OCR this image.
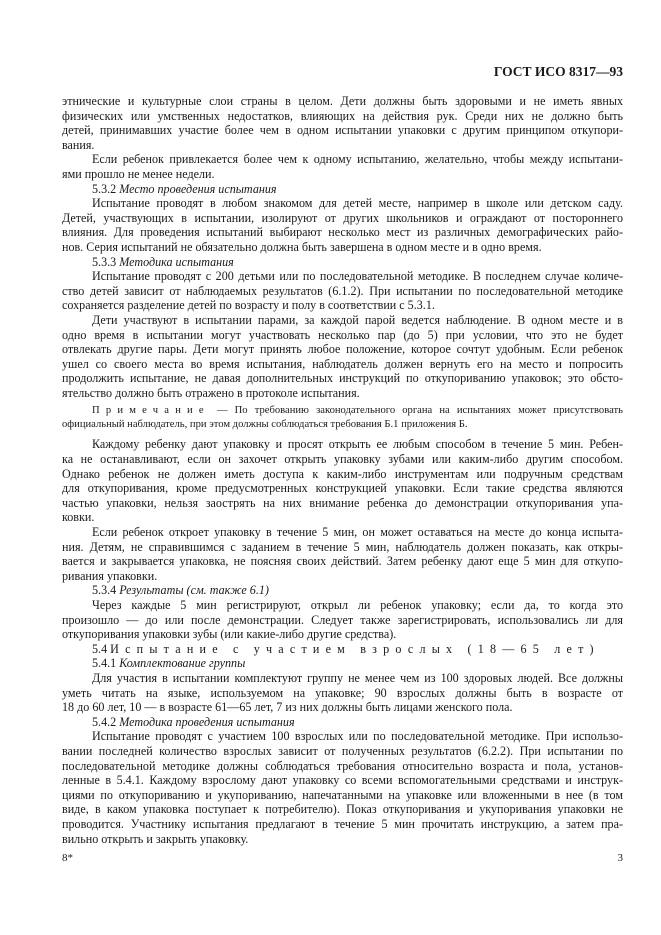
ГОСТ ИСО 8317—93
этнические и культурные слои страны в целом. Дети должны быть здоровыми и не иметь явных
физических или умственных недостатков, влияющих на действия рук. Среди них не должно быть
детей, принимавших участие более чем в одном испытании упаковки с другим принципом откупори-
вания.
Если ребенок привлекается более чем к одному испытанию, желательно, чтобы между испытани-
ями прошло не менее недели.
5.3.2 Место проведения испытания
Испытание проводят в любом знакомом для детей месте, например в школе или детском саду.
Детей, участвующих в испытании, изолируют от других школьников и ограждают от постороннего
влияния. Для проведения испытаний выбирают несколько мест из различных демографических райо-
нов. Серия испытаний не обязательно должна быть завершена в одном месте и в одно время.
5.3.3 Методика испытания
Испытание проводят с 200 детьми или по последовательной методике. В последнем случае количе-
ство детей зависит от наблюдаемых результатов (6.1.2). При испытании по последовательной методике
сохраняется разделение детей по возрасту и полу в соответствии с 5.3.1.
Дети участвуют в испытании парами, за каждой парой ведется наблюдение. В одном месте и в
одно время в испытании могут участвовать несколько пар (до 5) при условии, что это не будет
отвлекать другие пары. Дети могут принять любое положение, которое сочтут удобным. Если ребенок
ушел со своего места во время испытания, наблюдатель должен вернуть его на место и попросить
продолжить испытание, не давая дополнительных инструкций по откупориванию упаковок; это обсто-
ятельство должно быть отражено в протоколе испытания.
Примечание — По требованию законодательного органа на испытаниях может присутствовать
официальный наблюдатель, при этом должны соблюдаться требования Б.1 приложения Б.
Каждому ребенку дают упаковку и просят открыть ее любым способом в течение 5 мин. Ребен-
ка не останавливают, если он захочет открыть упаковку зубами или каким-либо другим способом.
Однако ребенок не должен иметь доступа к каким-либо инструментам или подручным средствам
для откупоривания, кроме предусмотренных конструкцией упаковки. Если такие средства являются
частью упаковки, нельзя заострять на них внимание ребенка до демонстрации откупоривания упа-
ковки.
Если ребенок откроет упаковку в течение 5 мин, он может оставаться на месте до конца испыта-
ния. Детям, не справившимся с заданием в течение 5 мин, наблюдатель должен показать, как откры-
вается и закрывается упаковка, не поясняя своих действий. Затем ребенку дают еще 5 мин для откупо-
ривания упаковки.
5.3.4 Результаты (см. также 6.1)
Через каждые 5 мин регистрируют, открыл ли ребенок упаковку; если да, то когда это
произошло — до или после демонстрации. Следует также зарегистрировать, использовались ли для
откупоривания упаковки зубы (или какие-либо другие средства).
5.4 Испытание с участием взрослых (18—65 лет)
5.4.1 Комплектование группы
Для участия в испытании комплектуют группу не менее чем из 100 здоровых людей. Все должны
уметь читать на языке, используемом на упаковке; 90 взрослых должны быть в возрасте от
18 до 60 лет, 10 — в возрасте 61—65 лет, 7 из них должны быть лицами женского пола.
5.4.2 Методика проведения испытания
Испытание проводят с участием 100 взрослых или по последовательной методике. При использо-
вании последней количество взрослых зависит от полученных результатов (6.2.2). При испытании по
последовательной методике должны соблюдаться требования относительно возраста и пола, установ-
ленные в 5.4.1. Каждому взрослому дают упаковку со всеми вспомогательными средствами и инструк-
циями по откупориванию и укупориванию, напечатанными на упаковке или вложенными в нее (в том
виде, в каком упаковка поступает к потребителю). Показ откупоривания и укупоривания упаковки не
проводится. Участнику испытания предлагают в течение 5 мин прочитать инструкцию, а затем пра-
вильно открыть и закрыть упаковку.
8*	3
